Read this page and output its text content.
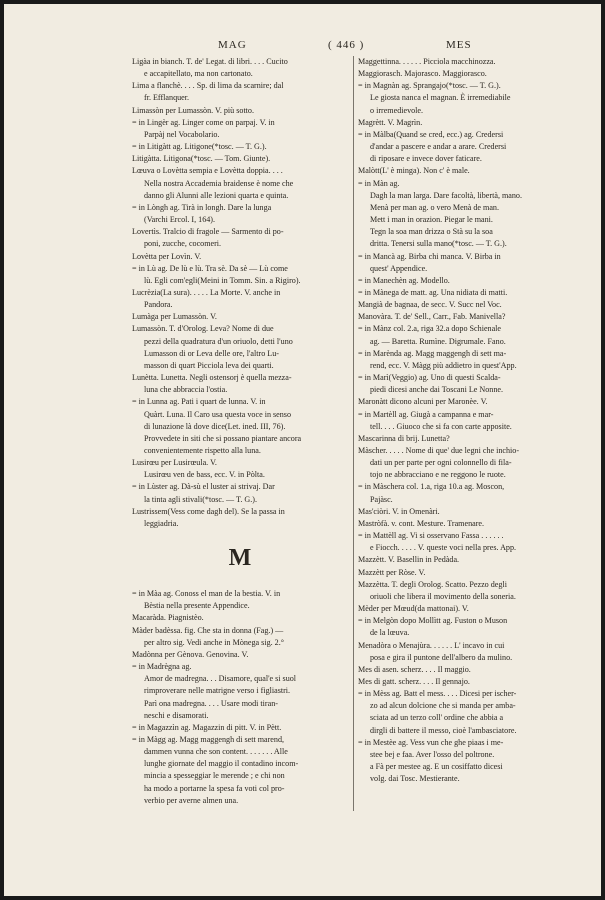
MAG	( 446 )	MES
Ligàa in bianch. T. de' Legat. di libri. . . . Cucito
e accapitellato, ma non cartonato.
Lima a flanchè. . . . Sp. di lima da scarnire; dal
fr. Efflanquer.
Limassòn per Lumassòn. V. più sotto.
= in Lingèr ag. Linger come on parpaj. V. in
Parpàj nel Vocabolario.
= in Litigàtt ag. Litigone(*tosc. — T. G.).
Litigàtta. Litigona(*tosc. — Tom. Giunte).
Lœuva o Lovètta sempia e Lovètta doppia. . . .
Nella nostra Accademia braidense è nome che
danno gli Alunni alle lezioni quarta e quinta.
= in Lòngh ag. Tirà in longh. Dare la lunga
(Varchi Ercol. I, 164).
Lovertìs. Tralcio di fragole — Sarmento di po-
poni, zucche, cocomeri.
Lovètta per Lovìn. V.
= in Lù ag. De lù e lù. Tra sè. Da sè — Lù come
lù. Egli com'egli(Meini in Tomm. Sin. a Rigiro).
Lucrèzia(La sura). . . . . La Morte. V. anche in
Pandora.
Lumàga per Lumassòn. V.
Lumassòn. T. d'Orolog. Leva? Nome di due
pezzi della quadratura d'un oriuolo, detti l'uno
Lumasson di or Leva delle ore, l'altro Lu-
masson di quart Picciola leva dei quarti.
Lunètta. Lunetta. Negli ostensorj è quella mezza-
luna che abbraccia l'ostia.
= in Lunna ag. Pati i quart de lunna. V. in
Quàrt. Luna. Il Caro usa questa voce in senso
di lunazione là dove dice(Let. ined. III, 76).
Provvedete in siti che si possano piantare ancora
convenientemente rispetto alla luna.
Lusirœu per Lusirœula. V.
Lusirœu ven de bass, ecc. V. in Pòlta.
= in Lùster ag. Dà-sù el luster ai strivaj. Dar
la tinta agli stivali(*tosc. — T. G.).
Lustrissem(Vess come dagh del). Se la passa in
leggiadria.
M
= in Màa ag. Conoss el man de la bestia. V. in
Bèstia nella presente Appendice.
Macaràda. Piagnistèo.
Màder badèssa. fig. Che sta in donna (Fag.) —
per altro sig. Vedi anche in Mònega sig. 2.°
Madònna per Gènova. Genovina. V.
= in Madrègna ag.
Amor de madregna. . . Disamore, qual'e si suol
rimproverare nelle matrigne verso i figliastri.
Parì ona madregna. . . . Usare modi tiran-
neschi e disamorati.
= in Magazzìn ag. Magazzin di pitt. V. in Pètt.
= in Màgg ag. Magg maggengh di sett marend,
dammen vunna che son content. . . . . . . Alle
lunghe giornate del maggio il contadino incom-
mincia a spesseggiar le merende ; e chi non
ha modo a portarne la spesa fa voti col pro-
verbio per averne almen una.
Maggettinna. . . . . . Picciola macchinozza.
Maggiorasch. Majorasco. Maggiorasco.
= in Magnàn ag. Sprangajo(*tosc. — T. G.).
Le giosta nanca el magnan. È irremediabile
o irremedievole.
Magrètt. V. Magrìn.
= in Màlba(Quand se cred, ecc.) ag. Credersi
d'andar a pascere e andar a arare. Credersi
di riposare e invece dover faticare.
Malòtt(L' è minga). Non c' è male.
= in Màn ag.
Dagh la man larga. Dare facoltà, libertà, mano.
Menà per man ag. o vero Menà de man.
Mett i man in orazion. Piegar le mani.
Tegn la soa man drizza o Stà su la soa
dritta. Tenersi sulla mano(*tosc. — T. G.).
= in Mancà ag. Birba chi manca. V. Birba in
quest' Appendice.
= in Manechèn ag. Modello.
= in Mànega de matt. ag. Una nidiata di matti.
Mangià de bagnaa, de secc. V. Succ nel Voc.
Manovàra. T. de' Sell., Carr., Fab. Manivella?
= in Mànz col. 2.a, riga 32.a dopo Schienale
ag. — Baretta. Rumìne. Digrumale. Fano.
= in Marènda ag. Magg maggengh di sett ma-
rend, ecc. V. Màgg più addietro in quest'App.
= in Marì(Veggio) ag. Uno di questi Scalda-
piedi dicesi anche dai Toscani Le Nonne.
Maronàtt dicono alcuni per Maronèe. V.
= in Martèll ag. Giugà a campanna e mar-
tell. . . . Giuoco che si fa con carte apposite.
Mascarinna di brij. Lunetta?
Màscher. . . . . Nome di que' due legni che inchio-
dati un per parte per ogni colonnello di fila-
tojo ne abbracciano e ne reggono le ruote.
= in Màschera col. 1.a, riga 10.a ag. Moscon,
Pajàsc.
Mas'ciòri. V. in Omenàri.
Mastròfà. v. cont. Mesture. Tramenare.
= in Mattèll ag. Vi si osservano Fassa . . . . . .
e Fiocch. . . . . V. queste voci nella pres. App.
Mazzètt. V. Basellin in Pedàda.
Mazzètt per Ròse. V.
Mazzètta. T. degli Orolog. Scatto. Pezzo degli
oriuoli che libera il movimento della soneria.
Mèder per Mœud(da mattonai). V.
= in Melgòn dopo Mollìtt ag. Fuston o Muson
de la lœuva.
Menadòra o Menajùra. . . . . . L' incavo in cui
posa e gira il puntone dell'albero da mulino.
Mes di asen. scherz. . . . Il maggio.
Mes di gatt. scherz. . . . Il gennajo.
= in Mèss ag. Batt el mess. . . . Dicesi per ischer-
zo ad alcun dolcione che si manda per amba-
sciata ad un terzo coll' ordine che abbia a
dirgli di battere il messo, cioè l'ambasciatore.
= in Mestèe ag. Vess vun che ghe piaas i me-
stee bej e faa. Aver l'osso del poltrone.
a Fà per mestee ag. E un cosiffatto dicesi
volg. dai Tosc. Mestierante.
